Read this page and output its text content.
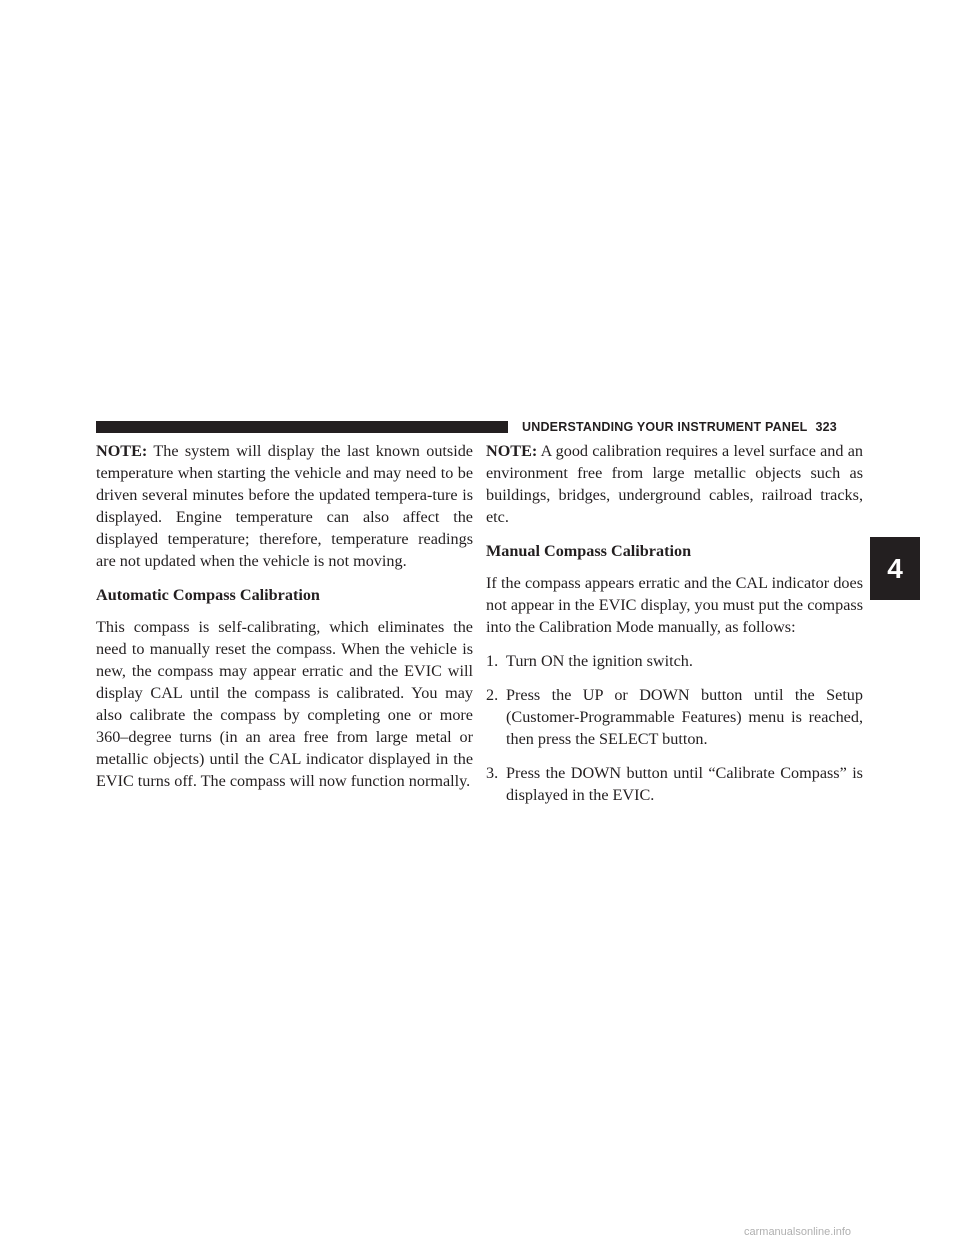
UNDERSTANDING YOUR INSTRUMENT PANEL 323

NOTE: The system will display the last known outside temperature when starting the vehicle and may need to be driven several minutes before the updated tempera-ture is displayed. Engine temperature can also affect the displayed temperature; therefore, temperature readings are not updated when the vehicle is not moving.

Automatic Compass Calibration

This compass is self-calibrating, which eliminates the need to manually reset the compass. When the vehicle is new, the compass may appear erratic and the EVIC will display CAL until the compass is calibrated. You may also calibrate the compass by completing one or more 360–degree turns (in an area free from large metal or metallic objects) until the CAL indicator displayed in the EVIC turns off. The compass will now function normally.

NOTE: A good calibration requires a level surface and an environment free from large metallic objects such as buildings, bridges, underground cables, railroad tracks, etc.

Manual Compass Calibration

If the compass appears erratic and the CAL indicator does not appear in the EVIC display, you must put the compass into the Calibration Mode manually, as follows:

1. Turn ON the ignition switch.
2. Press the UP or DOWN button until the Setup (Customer-Programmable Features) menu is reached, then press the SELECT button.
3. Press the DOWN button until “Calibrate Compass” is displayed in the EVIC.
4
carmanualsonline.info
